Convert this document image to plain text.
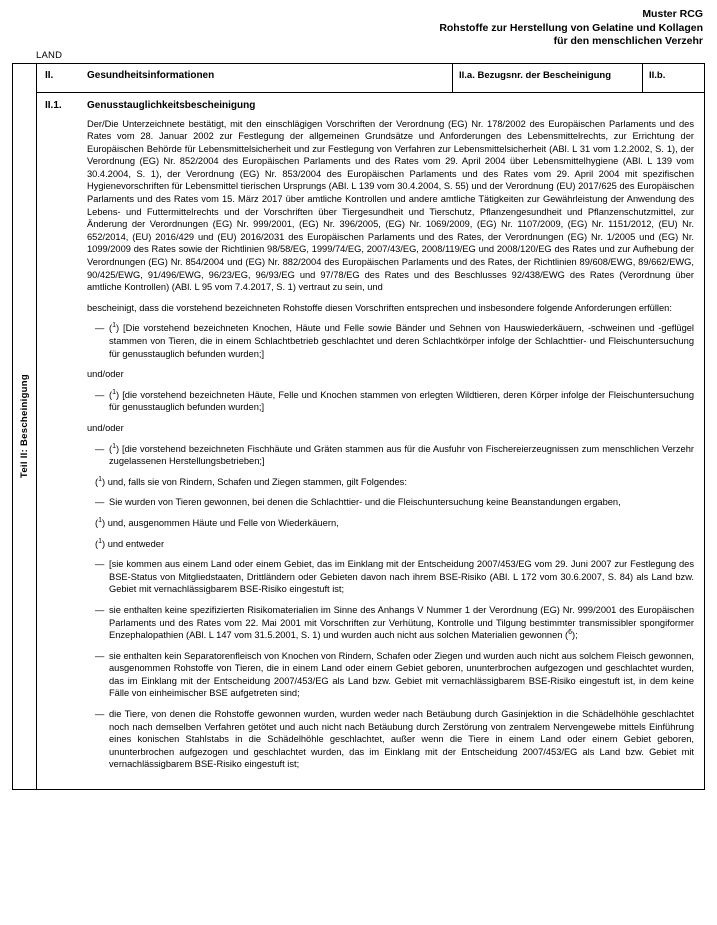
Muster RCG
Rohstoffe zur Herstellung von Gelatine und Kollagen
für den menschlichen Verzehr
LAND
Teil II: Bescheinigung
II.	Gesundheitsinformationen	II.a. Bezugsnr. der Bescheinigung	II.b.
II.1.	Genusstauglichkeitsbescheinigung

Der/Die Unterzeichnete bestätigt, mit den einschlägigen Vorschriften der Verordnung (EG) Nr. 178/2002 des Europäischen Parlaments und des Rates vom 28. Januar 2002 zur Festlegung der allgemeinen Grundsätze und Anforderungen des Lebensmittelrechts, zur Errichtung der Europäischen Behörde für Lebensmittelsicherheit und zur Festlegung von Verfahren zur Lebensmittelsicherheit (ABl. L 31 vom 1.2.2002, S. 1), der Verordnung (EG) Nr. 852/2004 des Europäischen Parlaments und des Rates vom 29. April 2004 über Lebensmittelhygiene (ABl. L 139 vom 30.4.2004, S. 1), der Verordnung (EG) Nr. 853/2004 des Europäischen Parlaments und des Rates vom 29. April 2004 mit spezifischen Hygienevorschriften für Lebensmittel tierischen Ursprungs (ABl. L 139 vom 30.4.2004, S. 55) und der Verordnung (EU) 2017/625 des Europäischen Parlaments und des Rates vom 15. März 2017 über amtliche Kontrollen und andere amtliche Tätigkeiten zur Gewährleistung der Anwendung des Lebens- und Futtermittelrechts und der Vorschriften über Tiergesundheit und Tierschutz, Pflanzengesundheit und Pflanzenschutzmittel, zur Änderung der Verordnungen (EG) Nr. 999/2001, (EG) Nr. 396/2005, (EG) Nr. 1069/2009, (EG) Nr. 1107/2009, (EG) Nr. 1151/2012, (EU) Nr. 652/2014, (EU) 2016/429 und (EU) 2016/2031 des Europäischen Parlaments und des Rates, der Verordnungen (EG) Nr. 1/2005 und (EG) Nr. 1099/2009 des Rates sowie der Richtlinien 98/58/EG, 1999/74/EG, 2007/43/EG, 2008/119/EG und 2008/120/EG des Rates und zur Aufhebung der Verordnungen (EG) Nr. 854/2004 und (EG) Nr. 882/2004 des Europäischen Parlaments und des Rates, der Richtlinien 89/608/EWG, 89/662/EWG, 90/425/EWG, 91/496/EWG, 96/23/EG, 96/93/EG und 97/78/EG des Rates und des Beschlusses 92/438/EWG des Rates (Verordnung über amtliche Kontrollen) (ABl. L 95 vom 7.4.2017, S. 1) vertraut zu sein, und

bescheinigt, dass die vorstehend bezeichneten Rohstoffe diesen Vorschriften entsprechen und insbesondere folgende Anforderungen erfüllen:

— ($^1$) [Die vorstehend bezeichneten Knochen, Häute und Felle sowie Bänder und Sehnen von Hauswiederkäuern, -schweinen und -geflügel stammen von Tieren, die in einem Schlachtbetrieb geschlachtet und deren Schlachtkörper infolge der Schlachttier- und Fleischuntersuchung für genusstauglich befunden wurden;]
und/oder
— ($^1$) [die vorstehend bezeichneten Häute, Felle und Knochen stammen von erlegten Wildtieren, deren Körper infolge der Fleischuntersuchung für genusstauglich befunden wurden;]
und/oder
— ($^1$) [die vorstehend bezeichneten Fischhäute und Gräten stammen aus für die Ausfuhr von Fischereierzeugnissen zum menschlichen Verzehr zugelassenen Herstellungsbetrieben;]
($^1$) und, falls sie von Rindern, Schafen und Ziegen stammen, gilt Folgendes:
— Sie wurden von Tieren gewonnen, bei denen die Schlachttier- und die Fleischuntersuchung keine Beanstandungen ergaben,
($^1$) und, ausgenommen Häute und Felle von Wiederkäuern,
($^1$) und entweder
— [sie kommen aus einem Land oder einem Gebiet, das im Einklang mit der Entscheidung 2007/453/EG vom 29. Juni 2007 zur Festlegung des BSE-Status von Mitgliedstaaten, Drittländern oder Gebieten davon nach ihrem BSE-Risiko (ABl. L 172 vom 30.6.2007, S. 84) als Land bzw. Gebiet mit vernachlässigbarem BSE-Risiko eingestuft ist;
— sie enthalten keine spezifizierten Risikomaterialien im Sinne des Anhangs V Nummer 1 der Verordnung (EG) Nr. 999/2001 des Europäischen Parlaments und des Rates vom 22. Mai 2001 mit Vorschriften zur Verhütung, Kontrolle und Tilgung bestimmter transmissibler spongiformer Enzephalopathien (ABl. L 147 vom 31.5.2001, S. 1) und wurden auch nicht aus solchen Materialien gewonnen ($^6$);
— sie enthalten kein Separatorenfleisch von Knochen von Rindern, Schafen oder Ziegen und wurden auch nicht aus solchem Fleisch gewonnen, ausgenommen Rohstoffe von Tieren, die in einem Land oder einem Gebiet geboren, ununterbrochen aufgezogen und geschlachtet wurden, das im Einklang mit der Entscheidung 2007/453/EG als Land bzw. Gebiet mit vernachlässigbarem BSE-Risiko eingestuft ist, in dem keine Fälle von einheimischer BSE aufgetreten sind;
— die Tiere, von denen die Rohstoffe gewonnen wurden, wurden weder nach Betäubung durch Gasinjektion in die Schädelhöhle geschlachtet noch nach demselben Verfahren getötet und auch nicht nach Betäubung durch Zerstörung von zentralem Nervengewebe mittels Einführung eines konischen Stahlstabs in die Schädelhöhle geschlachtet, außer wenn die Tiere in einem Land oder einem Gebiet geboren, ununterbrochen aufgezogen und geschlachtet wurden, das im Einklang mit der Entscheidung 2007/453/EG als Land bzw. Gebiet mit vernachlässigbarem BSE-Risiko eingestuft ist;
